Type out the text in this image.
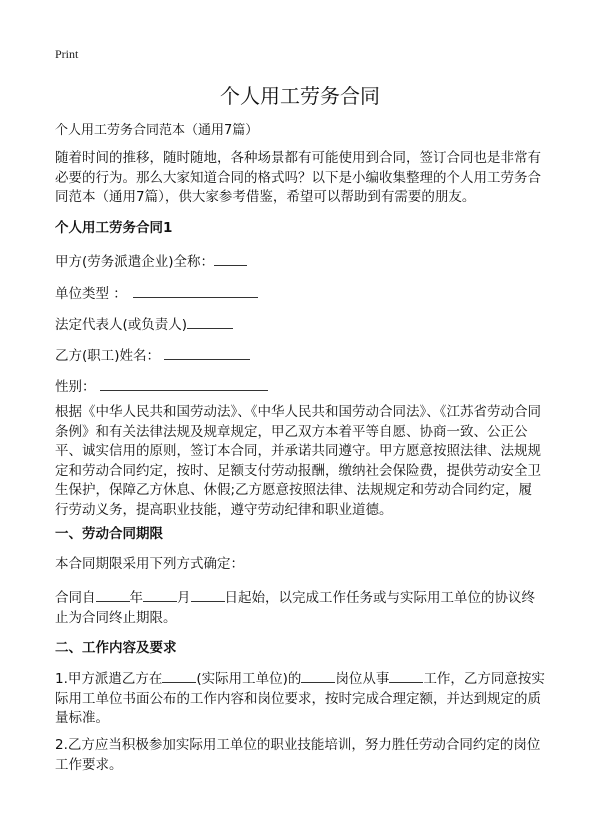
Print
个人用工劳务合同
个人用工劳务合同范本（通用7篇）
随着时间的推移，随时随地，各种场景都有可能使用到合同，签订合同也是非常有必要的行为。那么大家知道合同的格式吗？以下是小编收集整理的个人用工劳务合同范本（通用7篇），供大家参考借鉴，希望可以帮助到有需要的朋友。
个人用工劳务合同1
甲方(劳务派遣企业)全称：
单位类型 ：
法定代表人(或负责人)
乙方(职工)姓名：
性别：
根据《中华人民共和国劳动法》、《中华人民共和国劳动合同法》、《江苏省劳动合同条例》和有关法律法规及规章规定，甲乙双方本着平等自愿、协商一致、公正公平、诚实信用的原则，签订本合同，并承诺共同遵守。甲方愿意按照法律、法规规定和劳动合同约定，按时、足额支付劳动报酬，缴纳社会保险费，提供劳动安全卫生保护，保障乙方休息、休假;乙方愿意按照法律、法规规定和劳动合同约定，履行劳动义务，提高职业技能，遵守劳动纪律和职业道德。
一、劳动合同期限
本合同期限采用下列方式确定：
合同自	年	月	日起始，以完成工作任务或与实际用工单位的协议终止为合同终止期限。
二、工作内容及要求
1.甲方派遣乙方在	(实际用工单位)的	岗位从事	工作，乙方同意按实际用工单位书面公布的工作内容和岗位要求，按时完成合理定额，并达到规定的质量标准。
2.乙方应当积极参加实际用工单位的职业技能培训，努力胜任劳动合同约定的岗位工作要求。
